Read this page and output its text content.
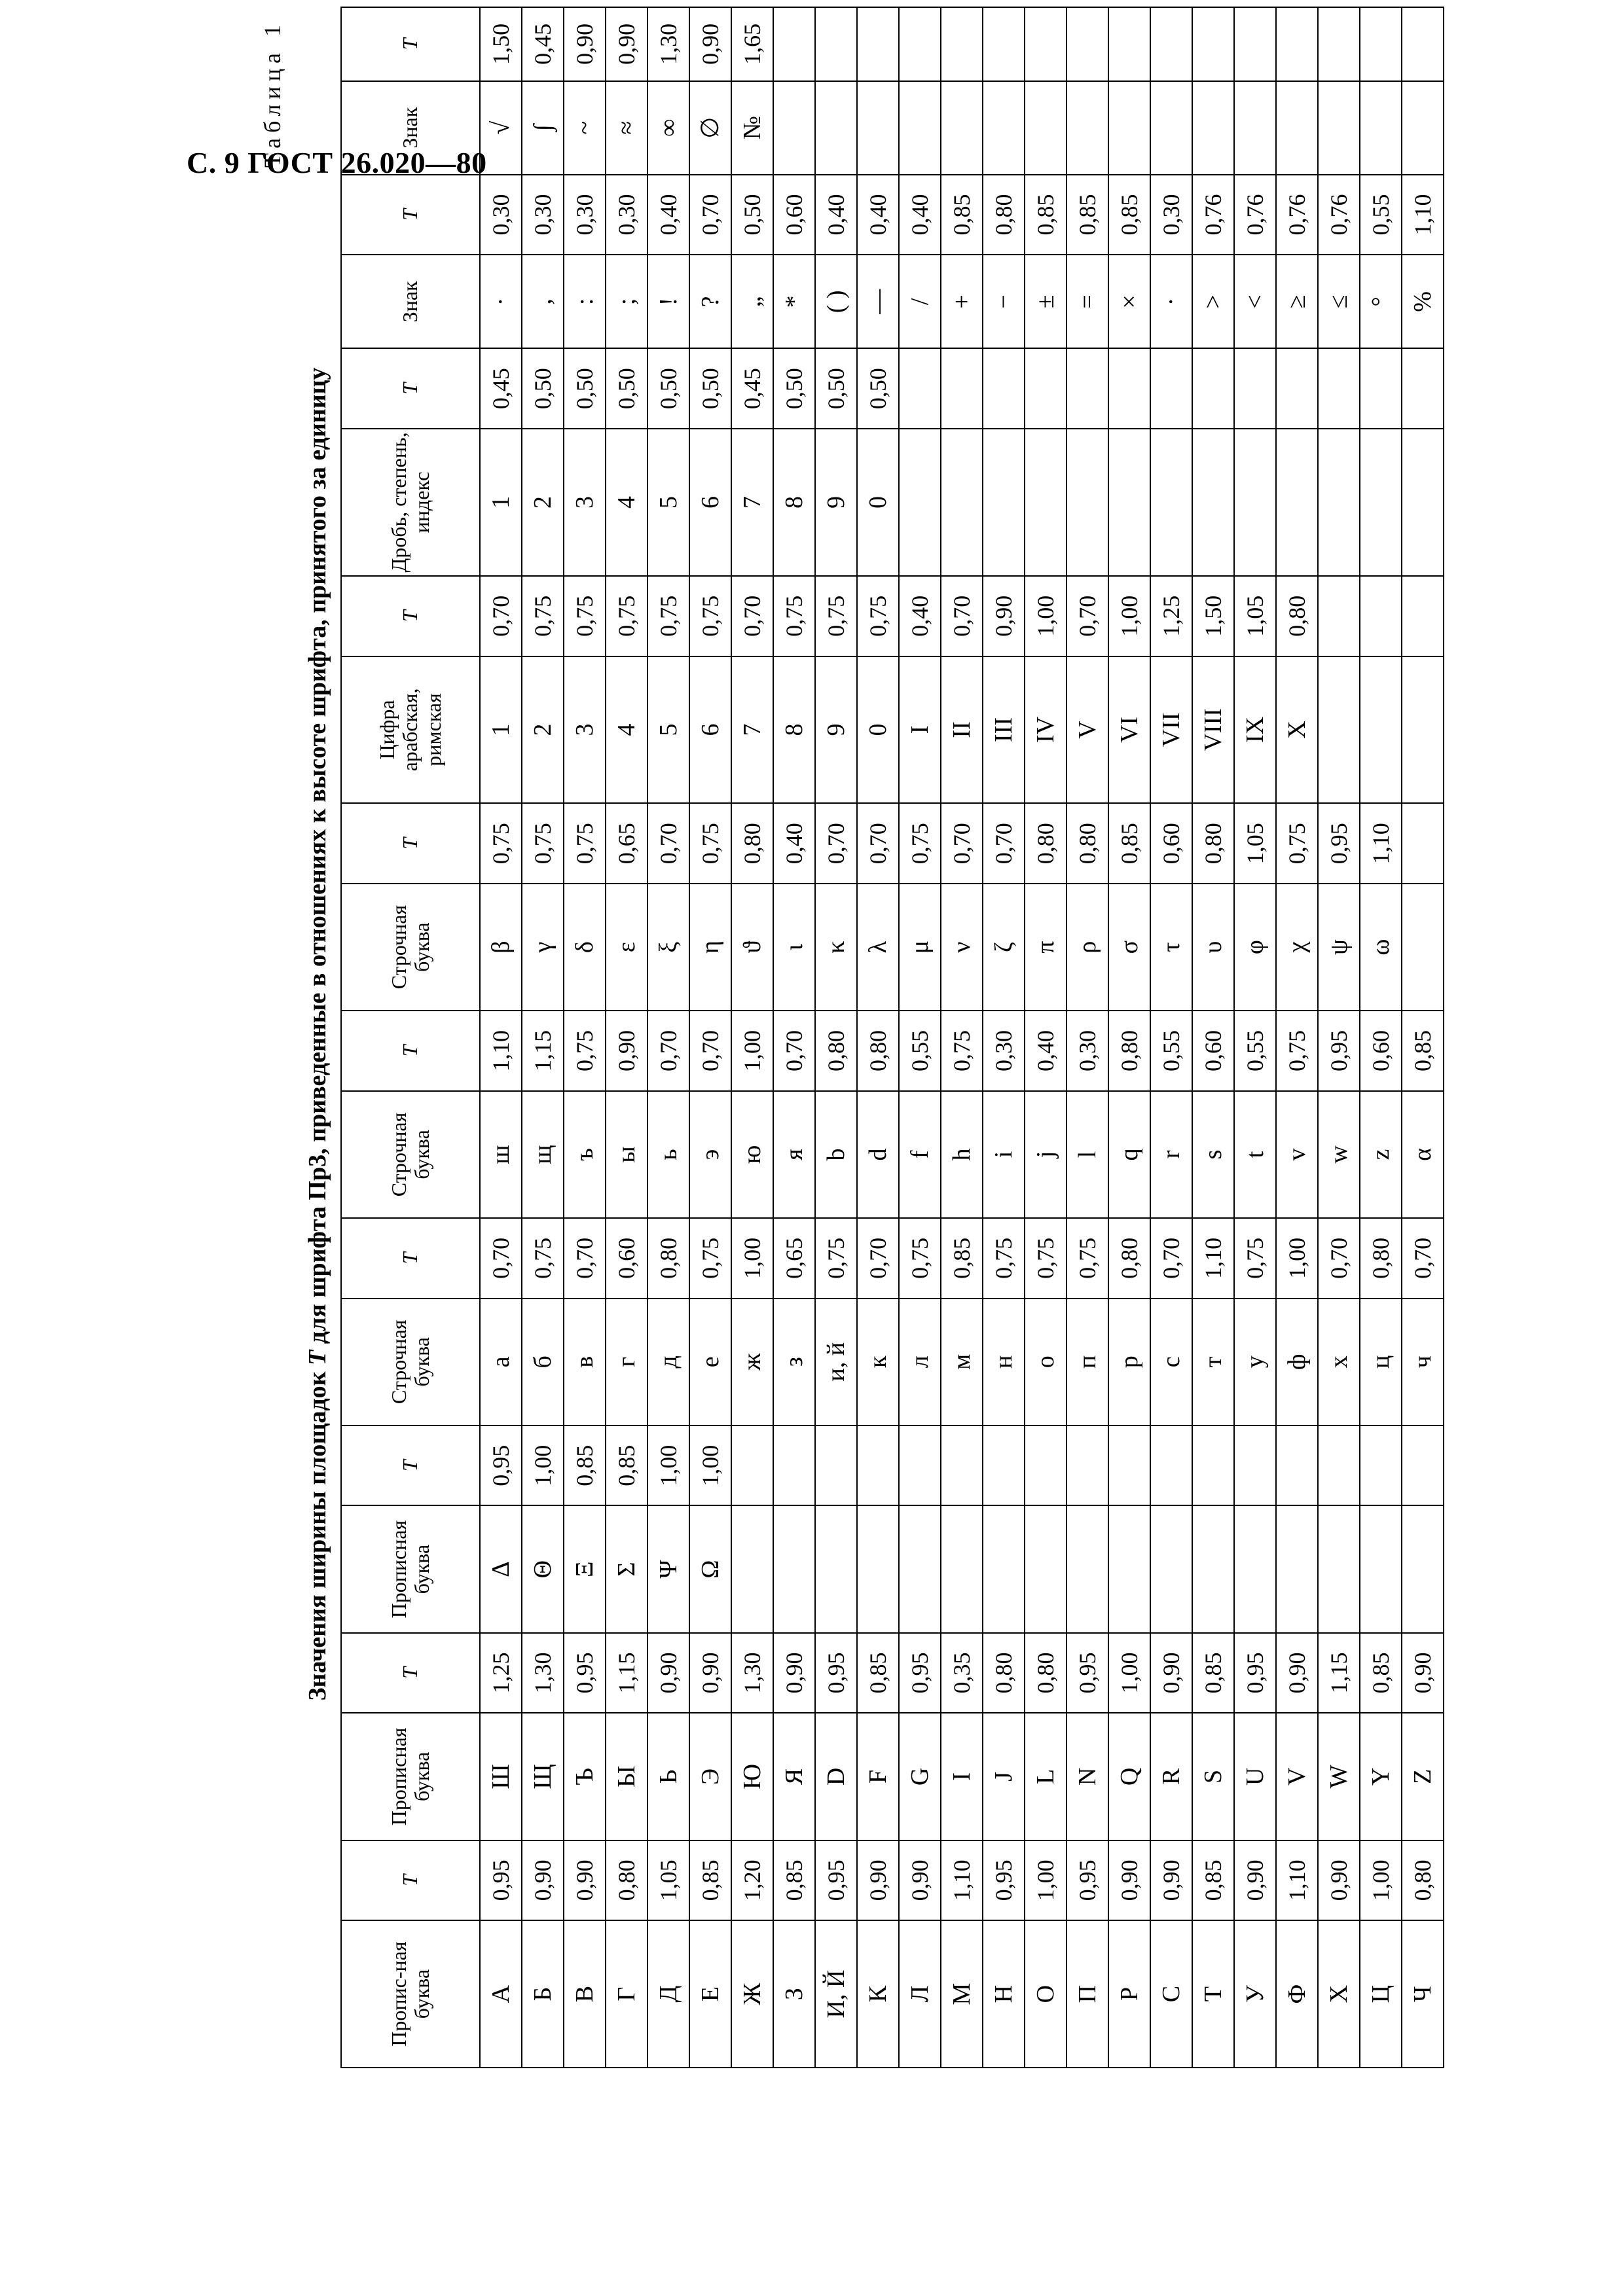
С. 9 ГОСТ 26.020—80
Таблица 1
Значения ширины площадок T для шрифта Пр3, приведенные в отношениях к высоте шрифта, принятого за единицу
Пропис-ная буква	T	Прописная буква	T	Прописная буква	T	Строчная буква	T	Строчная буква	T	Строчная буква	T	Цифра арабская, римская	T	Дробь, степень, индекс	T	Знак	T	Знак	T
А	0,95	Ш	1,25	Δ	0,95	а	0,70	ш	1,10	β	0,75	1	0,70	1	0,45	·	0,30	√	1,50
Б	0,90	Щ	1,30	Θ	1,00	б	0,75	щ	1,15	γ	0,75	2	0,75	2	0,50	,	0,30	∫	0,45
В	0,90	Ъ	0,95	Ξ	0,85	в	0,70	ъ	0,75	δ	0,75	3	0,75	3	0,50	:	0,30	~	0,90
Г	0,80	Ы	1,15	Σ	0,85	г	0,60	ы	0,90	ε	0,65	4	0,75	4	0,50	;	0,30	≈	0,90
Д	1,05	Ь	0,90	Ψ	1,00	д	0,80	ь	0,70	ξ	0,70	5	0,75	5	0,50	!	0,40	∞	1,30
Е	0,85	Э	0,90	Ω	1,00	е	0,75	э	0,70	η	0,75	6	0,75	6	0,50	?	0,70	∅	0,90
Ж	1,20	Ю	1,30			ж	1,00	ю	1,00	ϑ	0,80	7	0,70	7	0,45	„	0,50	№	1,65
З	0,85	Я	0,90			з	0,65	я	0,70	ι	0,40	8	0,75	8	0,50	*	0,60		
И, Й	0,95	D	0,95			и, й	0,75	b	0,80	κ	0,70	9	0,75	9	0,50	( )	0,40		
К	0,90	F	0,85			к	0,70	d	0,80	λ	0,70	0	0,75	0	0,50	—	0,40		
Л	0,90	G	0,95			л	0,75	f	0,55	μ	0,75	I	0,40			/	0,40		
М	1,10	I	0,35			м	0,85	h	0,75	ν	0,70	II	0,70			+	0,85		
Н	0,95	J	0,80			н	0,75	i	0,30	ζ	0,70	III	0,90			−	0,80		
О	1,00	L	0,80			о	0,75	j	0,40	π	0,80	IV	1,00			±	0,85		
П	0,95	N	0,95			п	0,75	l	0,30	ρ	0,80	V	0,70			=	0,85		
Р	0,90	Q	1,00			р	0,80	q	0,80	σ	0,85	VI	1,00			×	0,85		
С	0,90	R	0,90			с	0,70	r	0,55	τ	0,60	VII	1,25			·	0,30		
Т	0,85	S	0,85			т	1,10	s	0,60	υ	0,80	VIII	1,50			>	0,76		
У	0,90	U	0,95			у	0,75	t	0,55	φ	1,05	IX	1,05			<	0,76		
Ф	1,10	V	0,90			ф	1,00	v	0,75	χ	0,75	X	0,80			≥	0,76		
Х	0,90	W	1,15			х	0,70	w	0,95	ψ	0,95					≤	0,76		
Ц	1,00	Y	0,85			ц	0,80	z	0,60	ω	1,10					°	0,55		
Ч	0,80	Z	0,90			ч	0,70	α	0,85							%	1,10		
